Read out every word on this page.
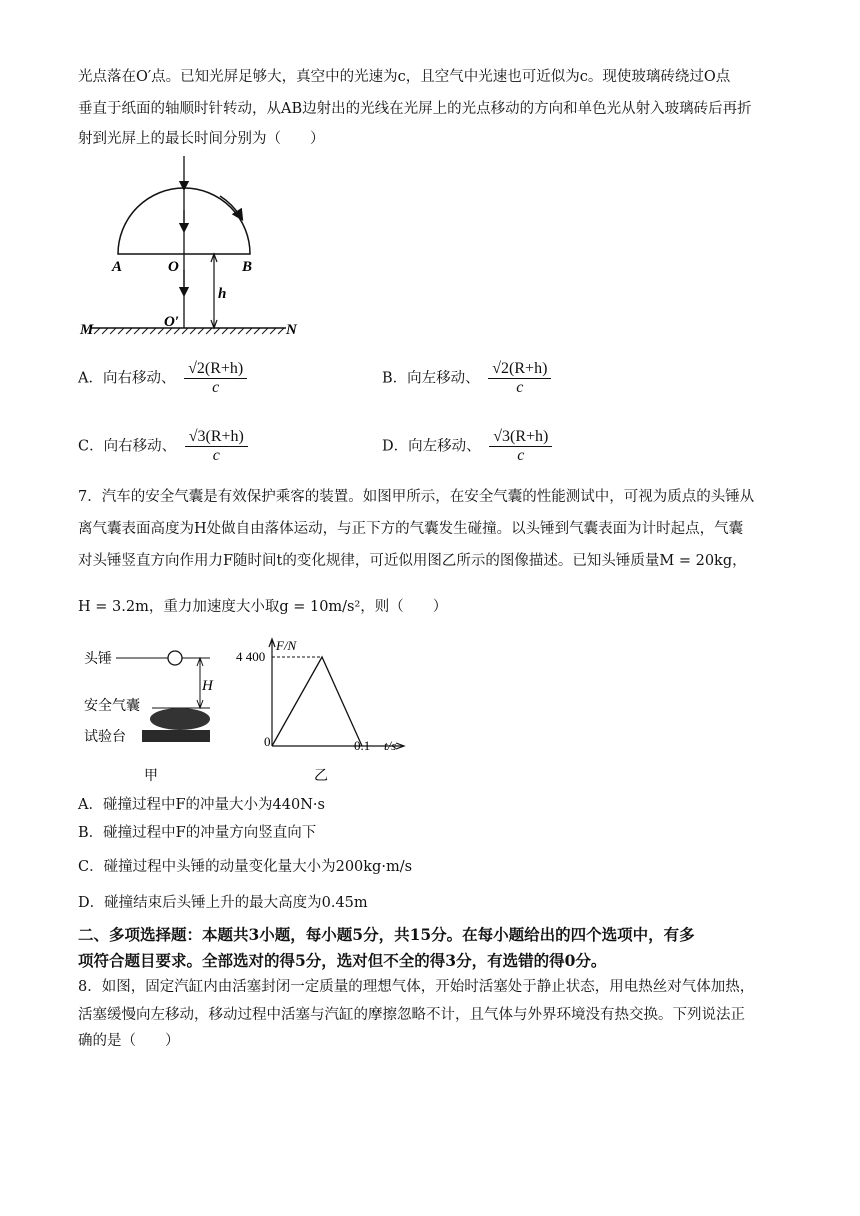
光点落在O′点。已知光屏足够大，真空中的光速为c，且空气中光速也可近似为c。现使玻璃砖绕过O点
垂直于纸面的轴顺时针转动，从AB边射出的光线在光屏上的光点移动的方向和单色光从射入玻璃砖后再折
射到光屏上的最长时间分别为（　　）
A	O	B
h
O′
M	N
A．向右移动、 $\frac{√2(R+h)}{c}$	B．向左移动、 $\frac{√2(R+h)}{c}$
C．向右移动、 $\frac{√3(R+h)}{c}$	D．向左移动、 $\frac{√3(R+h)}{c}$
7．汽车的安全气囊是有效保护乘客的装置。如图甲所示，在安全气囊的性能测试中，可视为质点的头锤从
离气囊表面高度为H处做自由落体运动，与正下方的气囊发生碰撞。以头锤到气囊表面为计时起点，气囊
对头锤竖直方向作用力F随时间t的变化规律，可近似用图乙所示的图像描述。已知头锤质量M = 20kg，
H = 3.2m，重力加速度大小取g = 10m/s²，则（　　）
头锤
H
安全气囊
试验台
甲
F/N
4 400
0	0.1 t/s
乙
A．碰撞过程中F的冲量大小为440N·s
B．碰撞过程中F的冲量方向竖直向下
C．碰撞过程中头锤的动量变化量大小为200kg·m/s
D．碰撞结束后头锤上升的最大高度为0.45m
二、多项选择题：本题共3小题，每小题5分，共15分。在每小题给出的四个选项中，有多
项符合题目要求。全部选对的得5分，选对但不全的得3分，有选错的得0分。
8．如图，固定汽缸内由活塞封闭一定质量的理想气体，开始时活塞处于静止状态，用电热丝对气体加热，
活塞缓慢向左移动，移动过程中活塞与汽缸的摩擦忽略不计，且气体与外界环境没有热交换。下列说法正
确的是（　　）
